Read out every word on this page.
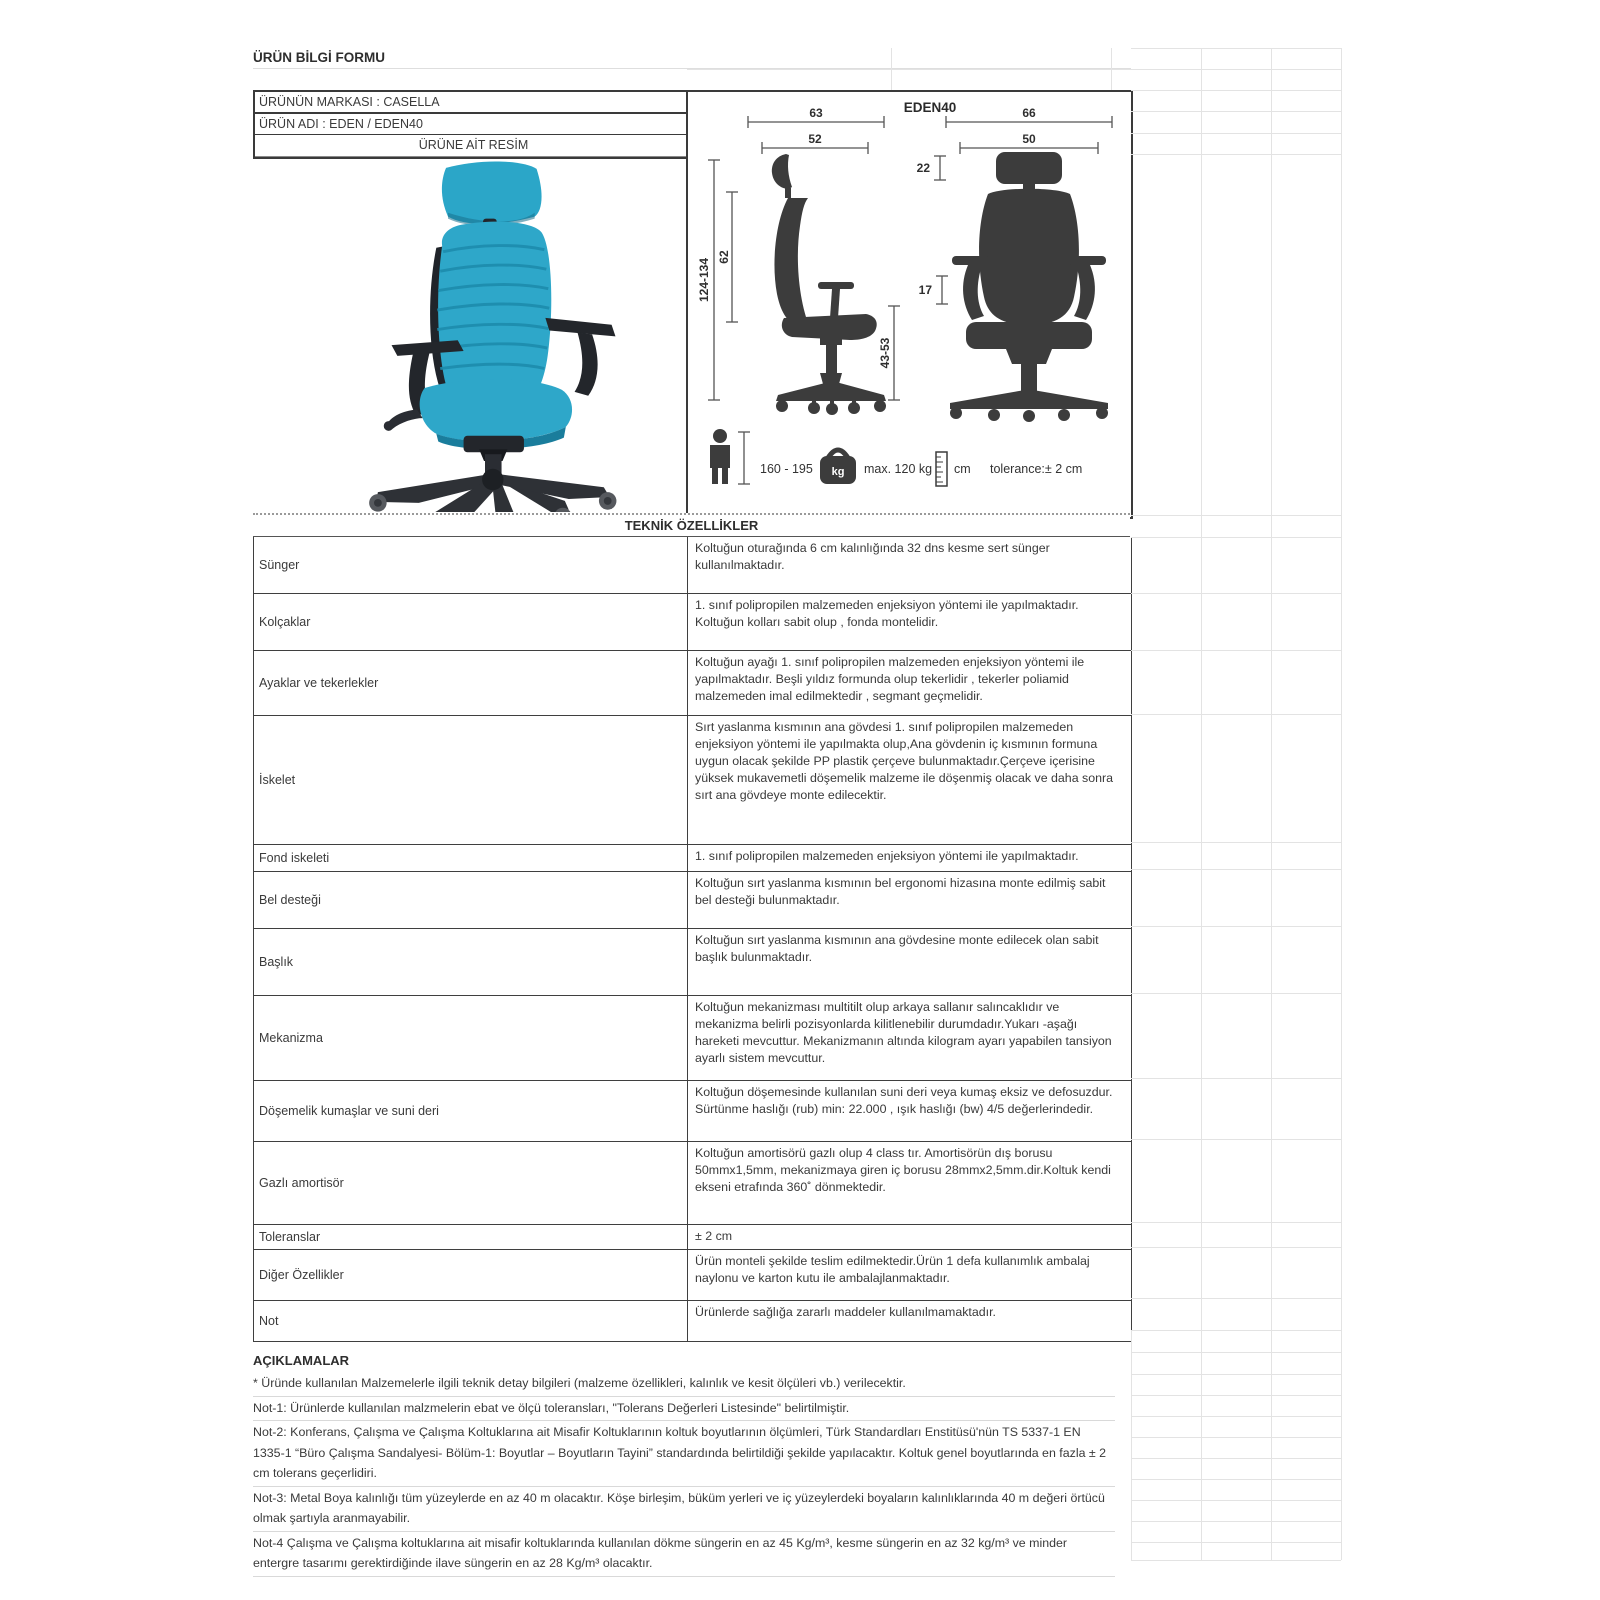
ÜRÜN BİLGİ FORMU
ÜRÜNÜN MARKASI : CASELLA
ÜRÜN ADI : EDEN / EDEN40
ÜRÜNE AİT RESİM
EDEN40
63
52
124-134
62
43-53
66
50
22
17
160 - 195 kg max. 120 kg cm tolerance:± 2 cm
TEKNİK ÖZELLİKLER
Sünger
Koltuğun oturağında 6 cm kalınlığında 32 dns kesme sert sünger kullanılmaktadır.
Kolçaklar
1. sınıf polipropilen malzemeden enjeksiyon yöntemi ile yapılmaktadır. Koltuğun kolları sabit olup , fonda montelidir.
Ayaklar ve tekerlekler
Koltuğun ayağı 1. sınıf polipropilen malzemeden enjeksiyon yöntemi ile yapılmaktadır. Beşli yıldız formunda olup tekerlidir , tekerler poliamid malzemeden imal edilmektedir , segmant geçmelidir.
İskelet
Sırt yaslanma kısmının ana gövdesi 1. sınıf polipropilen malzemeden enjeksiyon yöntemi ile yapılmakta olup,Ana gövdenin iç kısmının formuna uygun olacak şekilde PP plastik çerçeve bulunmaktadır.Çerçeve içerisine yüksek mukavemetli döşemelik malzeme ile döşenmiş olacak ve daha sonra sırt ana gövdeye monte edilecektir.
Fond iskeleti	1. sınıf polipropilen malzemeden enjeksiyon yöntemi ile yapılmaktadır.
Bel desteği
Koltuğun sırt yaslanma kısmının bel ergonomi hizasına monte edilmiş sabit bel desteği bulunmaktadır.
Başlık
Koltuğun sırt yaslanma kısmının ana gövdesine monte edilecek olan sabit başlık bulunmaktadır.
Mekanizma
Koltuğun mekanizması multitilt olup arkaya sallanır salıncaklıdır ve mekanizma belirli pozisyonlarda kilitlenebilir durumdadır.Yukarı -aşağı hareketi mevcuttur. Mekanizmanın altında kilogram ayarı yapabilen tansiyon ayarlı sistem mevcuttur.
Döşemelik kumaşlar ve suni deri
Koltuğun döşemesinde kullanılan suni deri veya kumaş eksiz ve defosuzdur. Sürtünme haslığı (rub) min: 22.000 , ışık haslığı (bw) 4/5 değerlerindedir.
Gazlı amortisör
Koltuğun amortisörü gazlı olup 4 class tır. Amortisörün dış borusu 50mmx1,5mm, mekanizmaya giren iç borusu 28mmx2,5mm.dir.Koltuk kendi ekseni etrafında 360˚ dönmektedir.
Toleranslar	± 2 cm
Diğer Özellikler
Ürün monteli şekilde teslim edilmektedir.Ürün 1 defa kullanımlık ambalaj naylonu ve karton kutu ile ambalajlanmaktadır.
Not
Ürünlerde sağlığa zararlı maddeler kullanılmamaktadır.
AÇIKLAMALAR
* Üründe kullanılan Malzemelerle ilgili teknik detay bilgileri (malzeme özellikleri, kalınlık ve kesit ölçüleri vb.) verilecektir.
Not-1: Ürünlerde kullanılan malzmelerin ebat ve ölçü toleransları, "Tolerans Değerleri Listesinde" belirtilmiştir.
Not-2: Konferans, Çalışma ve Çalışma Koltuklarına ait Misafir Koltuklarının koltuk boyutlarının ölçümleri, Türk Standardları Enstitüsü'nün TS 5337-1 EN 1335-1 “Büro Çalışma Sandalyesi- Bölüm-1: Boyutlar – Boyutların Tayini” standardında belirtildiği şekilde yapılacaktır. Koltuk genel boyutlarında en fazla ± 2 cm tolerans geçerlidiri.
Not-3: Metal Boya kalınlığı tüm yüzeylerde en az 40 m olacaktır. Köşe birleşim, büküm yerleri ve iç yüzeylerdeki boyaların kalınlıklarında 40 m değeri örtücü olmak şartıyla aranmayabilir.
Not-4 Çalışma ve Çalışma koltuklarına ait misafir koltuklarında kullanılan dökme süngerin en az 45 Kg/m³, kesme süngerin en az 32 kg/m³ ve minder entergre tasarımı gerektirdiğinde ilave süngerin en az 28 Kg/m³ olacaktır.
